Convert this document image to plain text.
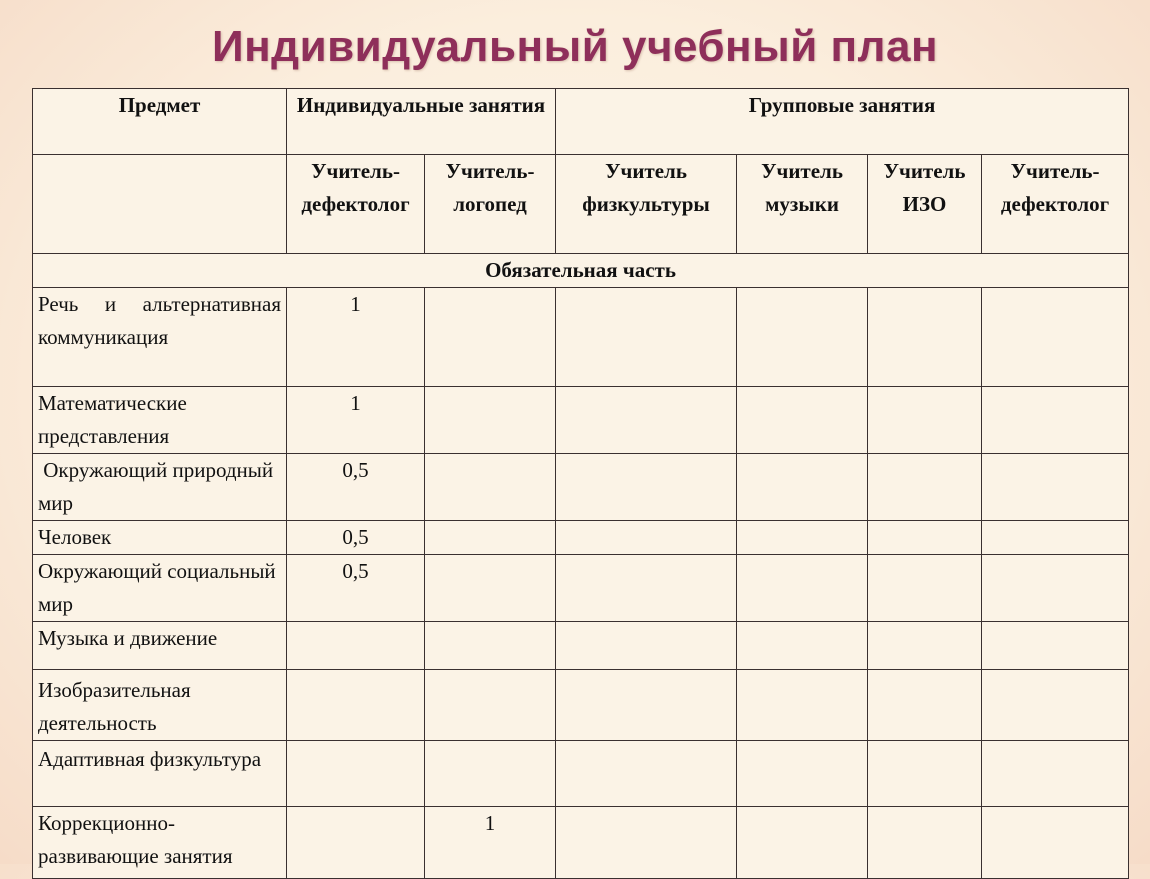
Индивидуальный учебный план
Предмет	Индивидуальные занятия		Групповые занятия			
	Учитель-дефектолог	Учитель-логопед	Учитель физкультуры	Учитель музыки	Учитель ИЗО	Учитель-дефектолог
Обязательная часть						
Речь и альтернативная коммуникация	1					
Математические представления	1					
Окружающий природный мир	0,5					
Человек	0,5					
Окружающий социальный мир	0,5					
Музыка и движение						
Изобразительная деятельность						
Адаптивная физкультура						
Коррекционно-развивающие занятия		1				
